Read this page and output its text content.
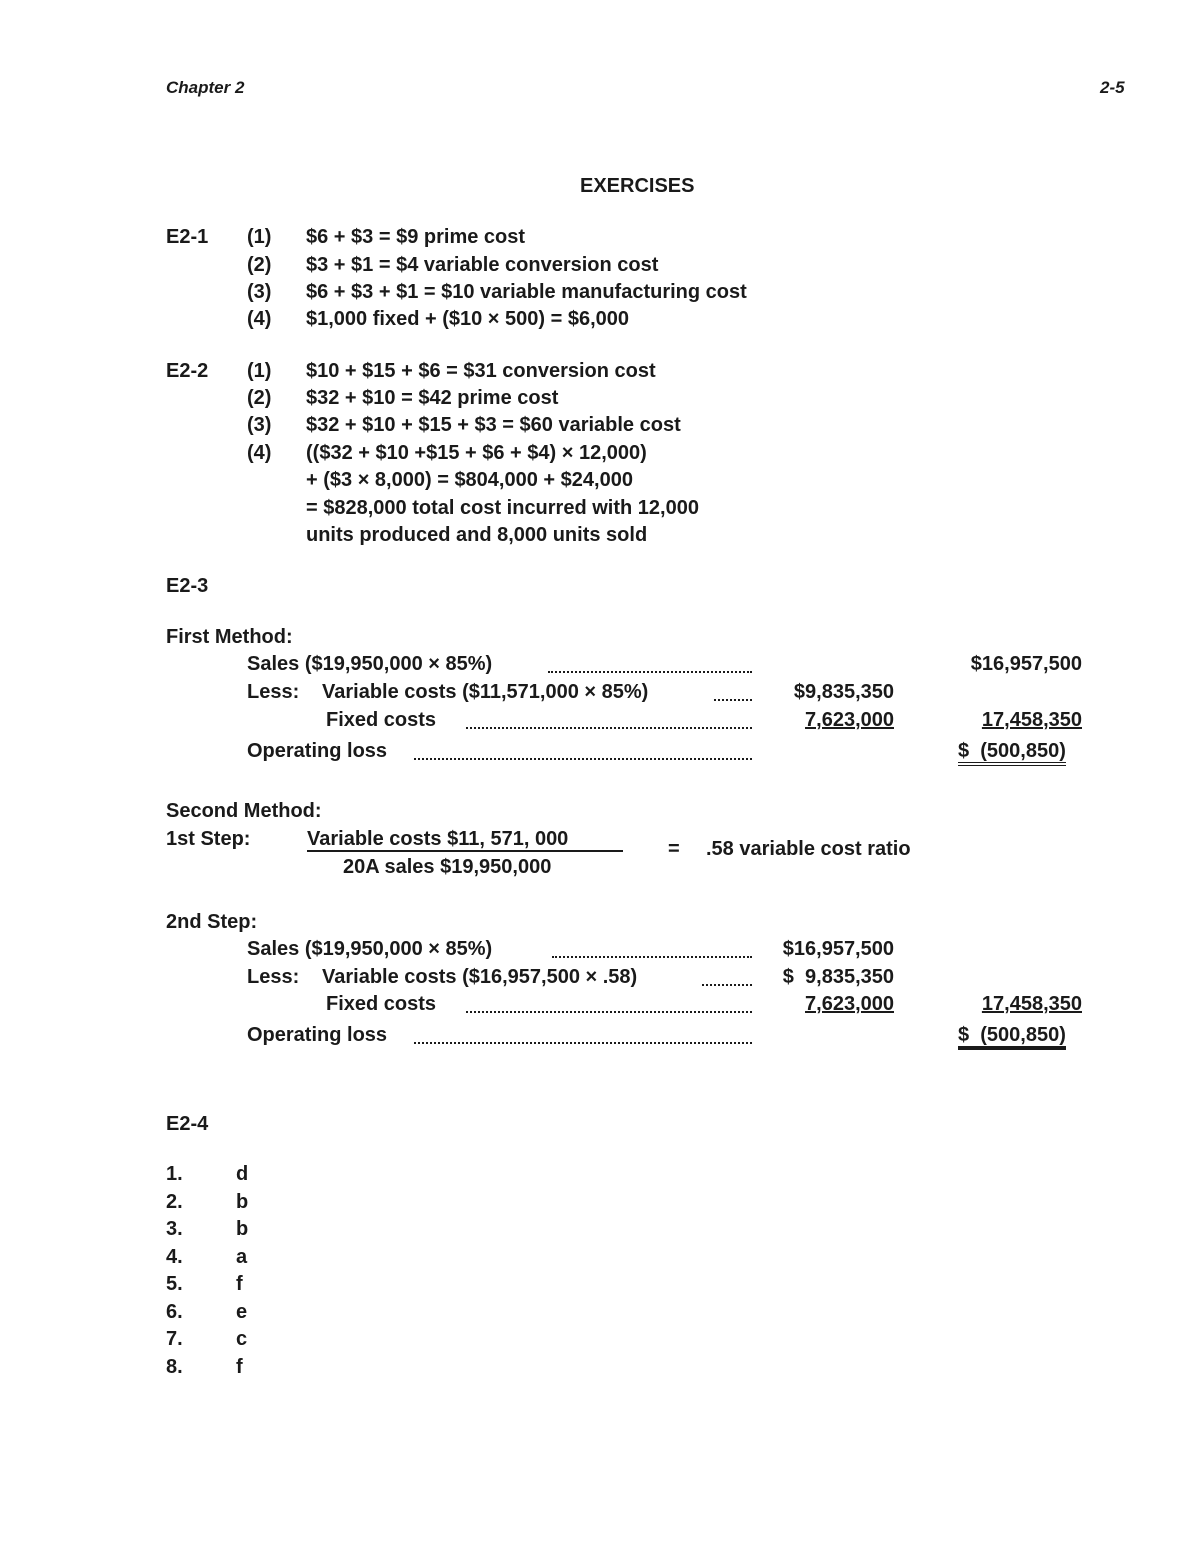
Chapter 2	2-5
EXERCISES
E2-1 (1) $6 + $3 = $9 prime cost
(2) $3 + $1 = $4 variable conversion cost
(3) $6 + $3 + $1 = $10 variable manufacturing cost
(4) $1,000 fixed + ($10 × 500) = $6,000
E2-2 (1) $10 + $15 + $6 = $31 conversion cost
(2) $32 + $10 = $42 prime cost
(3) $32 + $10 + $15 + $3 = $60 variable cost
(4) (($32 + $10 +$15 + $6 + $4) × 12,000)
+ ($3 × 8,000) = $804,000 + $24,000
= $828,000 total cost incurred with 12,000
units produced and 8,000 units sold
E2-3
First Method:
Sales ($19,950,000 × 85%)	$16,957,500
Less: Variable costs ($11,571,000 × 85%)	$9,835,350
Fixed costs	7,623,000	17,458,350
Operating loss	$  (500,850)
Second Method:
1st Step:	Variable costs $11, 571, 000
20A sales $19,950,000
= .58 variable cost ratio
2nd Step:
Sales ($19,950,000 × 85%)	$16,957,500
Less: Variable costs ($16,957,500 × .58)	$  9,835,350
Fixed costs	7,623,000	17,458,350
Operating loss	$  (500,850)
E2-4
1.	d
2.	b
3.	b
4.	a
5.	f
6.	e
7.	c
8.	f
